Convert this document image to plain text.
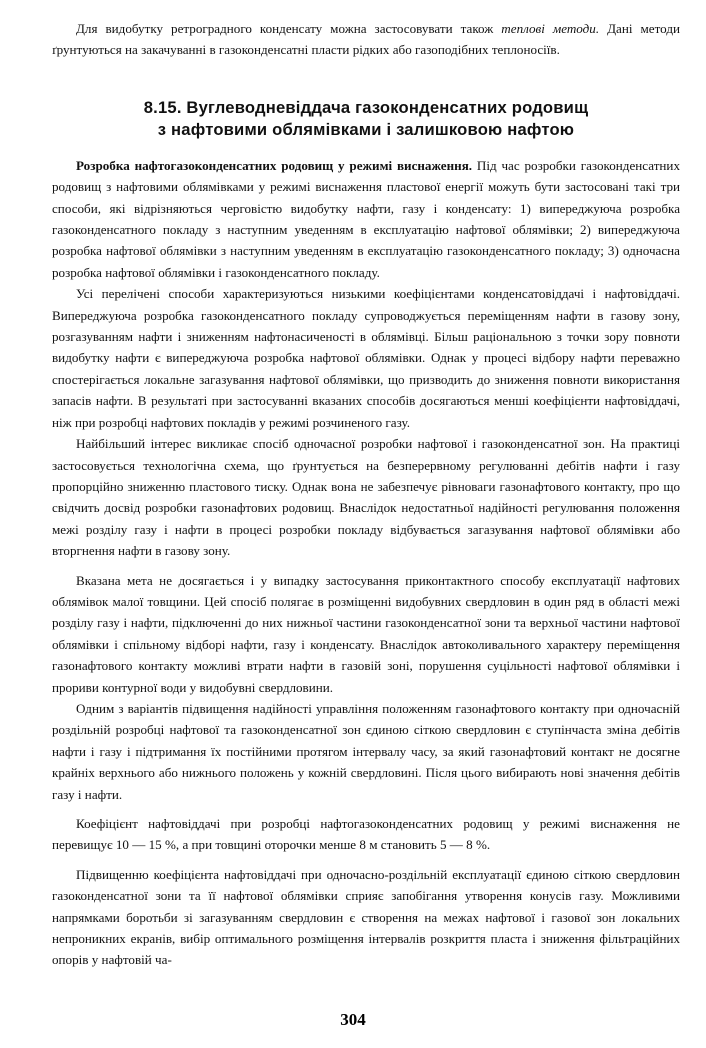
Для видобутку ретроградного конденсату можна застосовувати також теплові методи. Дані методи ґрунтуються на закачуванні в газоконденсатні пласти рідких або газоподібних теплоносіїв.

8.15. Вуглеводневіддача газоконденсатних родовищ
з нафтовими облямівками і залишковою нафтою

Розробка нафтогазоконденсатних родовищ у режимі виснаження. Під час розробки газоконденсатних родовищ з нафтовими облямівками у режимі виснаження пластової енергії можуть бути застосовані такі три способи, які відрізняються черговістю видобутку нафти, газу і конденсату: 1) випереджуюча розробка газоконденсатного покладу з наступним уведенням в експлуатацію нафтової облямівки; 2) випереджуюча розробка нафтової облямівки з наступним уведенням в експлуатацію газоконденсатного покладу; 3) одночасна розробка нафтової облямівки і газоконденсатного покладу.

Усі перелічені способи характеризуються низькими коефіцієнтами конденсатовіддачі і нафтовіддачі. Випереджуюча розробка газоконденсатного покладу супроводжується переміщенням нафти в газову зону, розгазуванням нафти і зниженням нафтонасиченості в облямівці. Більш раціональною з точки зору повноти видобутку нафти є випереджуюча розробка нафтової облямівки. Однак у процесі відбору нафти переважно спостерігається локальне загазування нафтової облямівки, що призводить до зниження повноти використання запасів нафти. В результаті при застосуванні вказаних способів досягаються менші коефіцієнти нафтовіддачі, ніж при розробці нафтових покладів у режимі розчиненого газу.

Найбільший інтерес викликає спосіб одночасної розробки нафтової і газоконденсатної зон. На практиці застосовується технологічна схема, що ґрунтується на безперервному регулюванні дебітів нафти і газу пропорційно зниженню пластового тиску. Однак вона не забезпечує рівноваги газонафтового контакту, про що свідчить досвід розробки газонафтових родовищ. Внаслідок недостатньої надійності регулювання положення межі розділу газу і нафти в процесі розробки покладу відбувається загазування нафтової облямівки або вторгнення нафти в газову зону.

Вказана мета не досягається і у випадку застосування приконтактного способу експлуатації нафтових облямівок малої товщини. Цей спосіб полягає в розміщенні видобувних свердловин в один ряд в області межі розділу газу і нафти, підключенні до них нижньої частини газоконденсатної зони та верхньої частини нафтової облямівки і спільному відборі нафти, газу і конденсату. Внаслідок автоколивального характеру переміщення газонафтового контакту можливі втрати нафти в газовій зоні, порушення суцільності нафтової облямівки і прориви контурної води у видобувні свердловини.

Одним з варіантів підвищення надійності управління положенням газонафтового контакту при одночасній роздільній розробці нафтової та газоконденсатної зон єдиною сіткою свердловин є ступінчаста зміна дебітів нафти і газу і підтримання їх постійними протягом інтервалу часу, за який газонафтовий контакт не досягне крайніх верхнього або нижнього положень у кожній свердловині. Після цього вибирають нові значення дебітів газу і нафти.

Коефіцієнт нафтовіддачі при розробці нафтогазоконденсатних родовищ у режимі виснаження не перевищує 10 — 15 %, а при товщині оторочки менше 8 м становить 5 — 8 %.

Підвищенню коефіцієнта нафтовіддачі при одночасно-роздільній експлуатації єдиною сіткою свердловин газоконденсатної зони та її нафтової облямівки сприяє запобігання утворення конусів газу. Можливими напрямками боротьби зі загазуванням свердловин є створення на межах нафтової і газової зон локальних непроникних екранів, вибір оптимального розміщення інтервалів розкриття пласта і зниження фільтраційних опорів у нафтовій ча-

304
